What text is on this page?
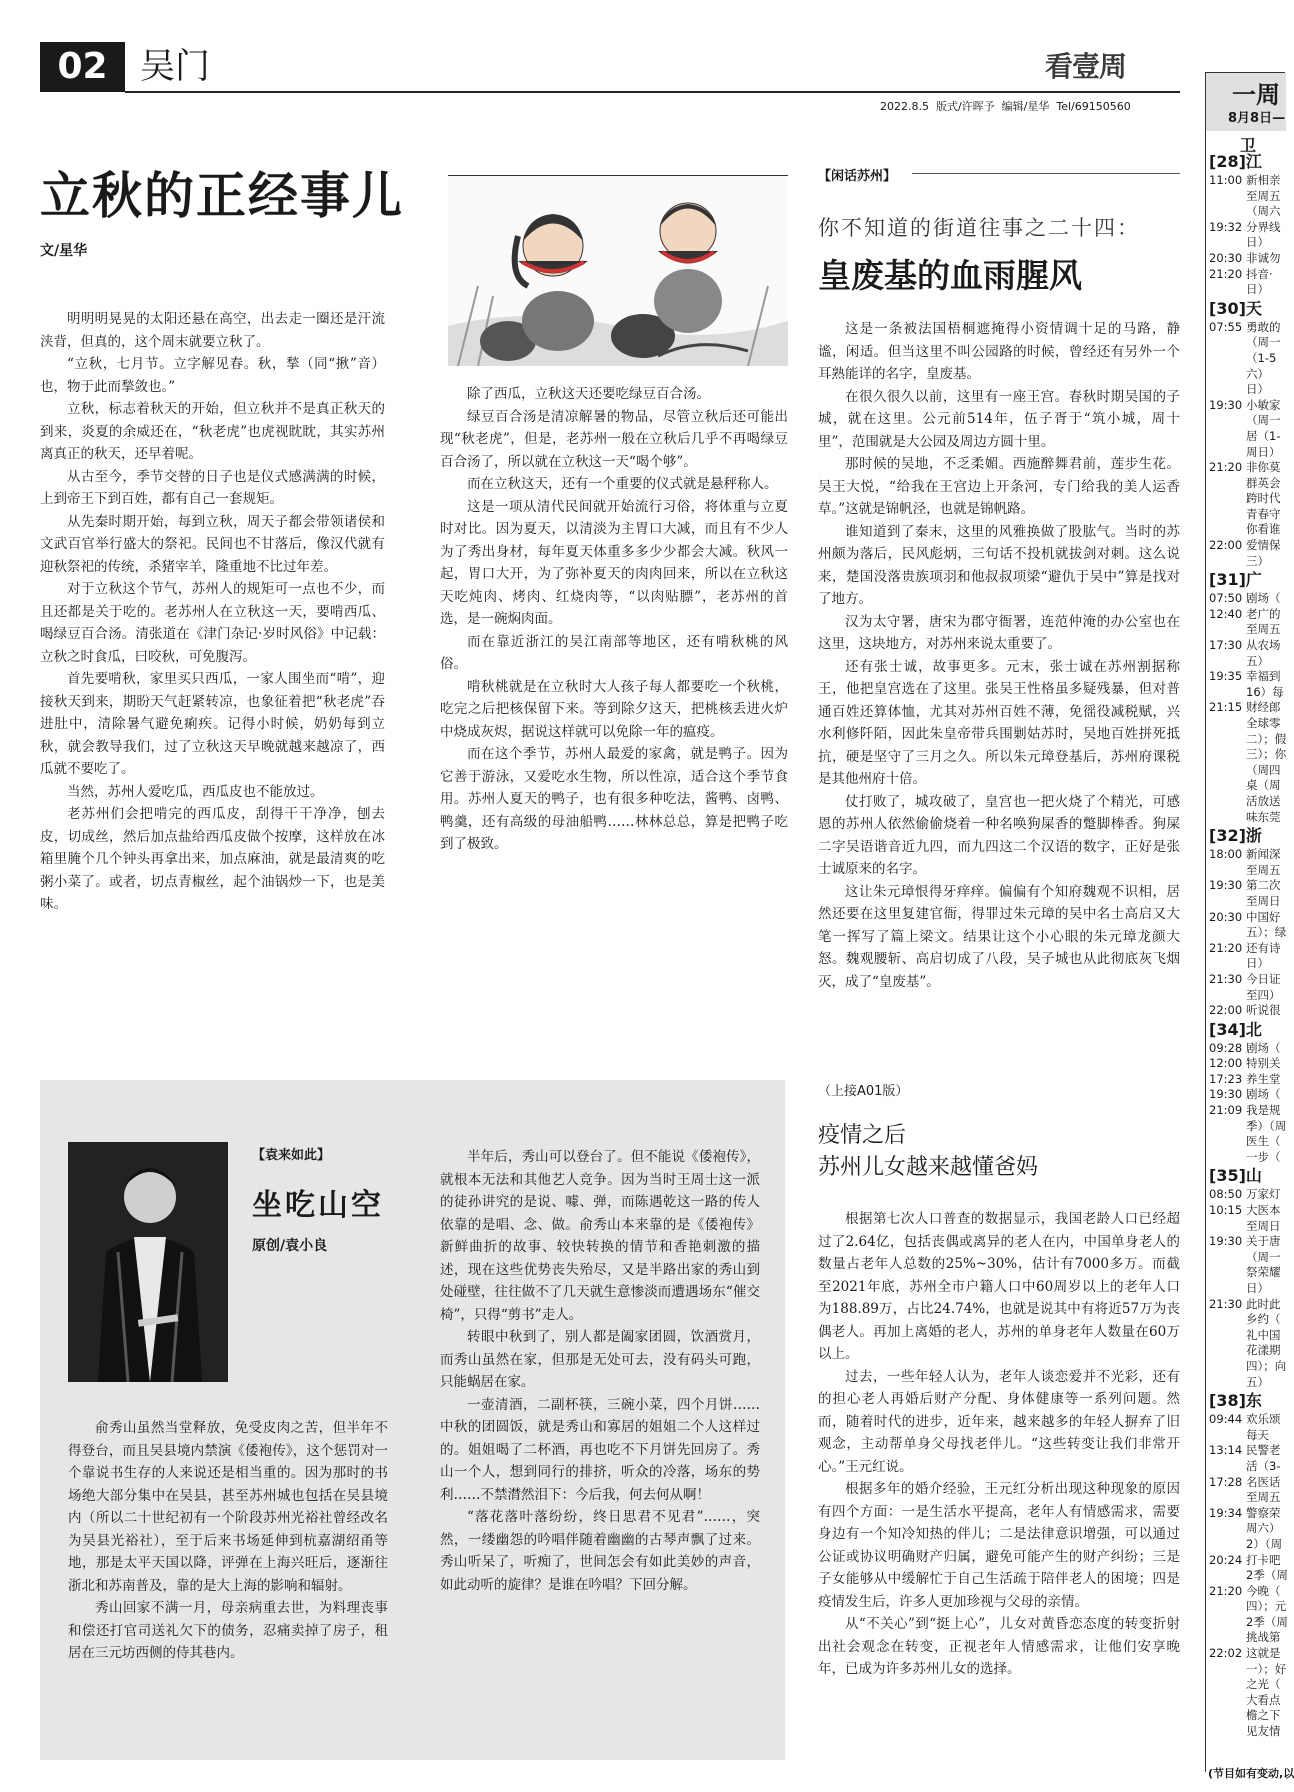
02 吴门	看壹周
2022.8.5  版式/许晖予  编辑/星华  Tel/69150560
立秋的正经事儿
文/星华

明明明晃晃的太阳还悬在高空，出去走一圈还是汗流浃背，但真的，这个周末就要立秋了。

“立秋，七月节。立字解见春。秋，揫（同“揪”音）也，物于此而揫敛也。”

立秋，标志着秋天的开始，但立秋并不是真正秋天的到来，炎夏的余威还在，“秋老虎”也虎视眈眈，其实苏州离真正的秋天，还早着呢。

从古至今，季节交替的日子也是仪式感满满的时候，上到帝王下到百姓，都有自己一套规矩。

从先秦时期开始，每到立秋，周天子都会带领诸侯和文武百官举行盛大的祭祀。民间也不甘落后，像汉代就有迎秋祭祀的传统，杀猪宰羊，隆重地不比过年差。

对于立秋这个节气，苏州人的规矩可一点也不少，而且还都是关于吃的。老苏州人在立秋这一天，要啃西瓜、喝绿豆百合汤。清张道在《津门杂记·岁时风俗》中记载：立秋之时食瓜，曰咬秋，可免腹泻。

首先要啃秋，家里买只西瓜，一家人围坐而“啃”，迎接秋天到来，期盼天气赶紧转凉，也象征着把“秋老虎”吞进肚中，清除暑气避免痢疾。记得小时候，奶奶每到立秋，就会教导我们，过了立秋这天早晚就越来越凉了，西瓜就不要吃了。

当然，苏州人爱吃瓜，西瓜皮也不能放过。

老苏州们会把啃完的西瓜皮，刮得干干净净，刨去皮，切成丝，然后加点盐给西瓜皮做个按摩，这样放在冰箱里腌个几个钟头再拿出来，加点麻油，就是最清爽的吃粥小菜了。或者，切点青椒丝，起个油锅炒一下，也是美味。

除了西瓜，立秋这天还要吃绿豆百合汤。

绿豆百合汤是清凉解暑的物品，尽管立秋后还可能出现“秋老虎”，但是，老苏州一般在立秋后几乎不再喝绿豆百合汤了，所以就在立秋这一天“喝个够”。

而在立秋这天，还有一个重要的仪式就是悬秤称人。

这是一项从清代民间就开始流行习俗，将体重与立夏时对比。因为夏天，以清淡为主胃口大减，而且有不少人为了秀出身材，每年夏天体重多多少少都会大减。秋风一起，胃口大开，为了弥补夏天的肉肉回来，所以在立秋这天吃炖肉、烤肉、红烧肉等，“以肉贴膘”，老苏州的首选，是一碗焖肉面。

而在靠近浙江的吴江南部等地区，还有啃秋桃的风俗。

啃秋桃就是在立秋时大人孩子每人都要吃一个秋桃，吃完之后把核保留下来。等到除夕这天，把桃核丢进火炉中烧成灰烬，据说这样就可以免除一年的瘟疫。

而在这个季节，苏州人最爱的家禽，就是鸭子。因为它善于游泳，又爱吃水生物，所以性凉，适合这个季节食用。苏州人夏天的鸭子，也有很多种吃法，酱鸭、卤鸭、鸭羹，还有高级的母油船鸭……林林总总，算是把鸭子吃到了极致。

【闲话苏州】
你不知道的街道往事之二十四：
皇废基的血雨腥风

这是一条被法国梧桐遮掩得小资情调十足的马路，静谧，闲适。但当这里不叫公园路的时候，曾经还有另外一个耳熟能详的名字，皇废基。

在很久很久以前，这里有一座王宫。春秋时期吴国的子城，就在这里。公元前514年，伍子胥于“筑小城，周十里”，范围就是大公园及周边方圆十里。

那时候的吴地，不乏柔媚。西施醉舞君前，莲步生花。吴王大悦，“给我在王宫边上开条河，专门给我的美人运香草。”这就是锦帆泾，也就是锦帆路。

谁知道到了秦末，这里的风雅换做了股肱气。当时的苏州颇为落后，民风彪炳，三句话不投机就拔剑对刺。这么说来，楚国没落贵族项羽和他叔叔项梁“避仇于吴中”算是找对了地方。

汉为太守署，唐宋为郡守衙署，连范仲淹的办公室也在这里，这块地方，对苏州来说太重要了。

还有张士诚，故事更多。元末，张士诚在苏州割据称王，他把皇宫选在了这里。张吴王性格虽多疑残暴，但对普通百姓还算体恤，尤其对苏州百姓不薄，免徭役减税赋，兴水利修阡陌，因此朱皇帝带兵围剿姑苏时，吴地百姓拼死抵抗，硬是坚守了三月之久。所以朱元璋登基后，苏州府课税是其他州府十倍。

仗打败了，城攻破了，皇宫也一把火烧了个精光，可感恩的苏州人依然偷偷烧着一种名唤狗屎香的蹩脚棒香。狗屎二字吴语谐音近九四，而九四这二个汉语的数字，正好是张士诚原来的名字。

这让朱元璋恨得牙痒痒。偏偏有个知府魏观不识相，居然还要在这里复建官衙，得罪过朱元璋的吴中名士高启又大笔一挥写了篇上梁文。结果让这个小心眼的朱元璋龙颜大怒。魏观腰斩、高启切成了八段，吴子城也从此彻底灰飞烟灭，成了“皇废基”。

（上接A01版）
疫情之后
苏州儿女越来越懂爸妈

根据第七次人口普查的数据显示，我国老龄人口已经超过了2.64亿，包括丧偶或离异的老人在内，中国单身老人的数量占老年人总数的25%~30%，估计有7000多万。而截至2021年底，苏州全市户籍人口中60周岁以上的老年人口为188.89万，占比24.74%，也就是说其中有将近57万为丧偶老人。再加上离婚的老人，苏州的单身老年人数量在60万以上。

过去，一些年轻人认为，老年人谈恋爱并不光彩，还有的担心老人再婚后财产分配、身体健康等一系列问题。然而，随着时代的进步，近年来，越来越多的年轻人摒弃了旧观念，主动帮单身父母找老伴儿。“这些转变让我们非常开心。”王元红说。

根据多年的婚介经验，王元红分析出现这种现象的原因有四个方面：一是生活水平提高，老年人有情感需求，需要身边有一个知冷知热的伴儿；二是法律意识增强，可以通过公证或协议明确财产归属，避免可能产生的财产纠纷；三是子女能够从中缓解忙于自己生活疏于陪伴老人的困境；四是疫情发生后，许多人更加珍视与父母的亲情。

从“不关心”到“挺上心”，儿女对黄昏恋态度的转变折射出社会观念在转变，正视老年人情感需求，让他们安享晚年，已成为许多苏州儿女的选择。

【袁来如此】
坐吃山空
原创/袁小良

俞秀山虽然当堂释放，免受皮肉之苦，但半年不得登台，而且吴县境内禁演《倭袍传》，这个惩罚对一个靠说书生存的人来说还是相当重的。因为那时的书场绝大部分集中在吴县，甚至苏州城也包括在吴县境内（所以二十世纪初有一个阶段苏州光裕社曾经改名为吴县光裕社），至于后来书场延伸到杭嘉湖绍甬等地，那是太平天国以降，评弹在上海兴旺后，逐渐往浙北和苏南普及，靠的是大上海的影响和辐射。

秀山回家不满一月，母亲病重去世，为料理丧事和偿还打官司送礼欠下的债务，忍痛卖掉了房子，租居在三元坊西侧的侍其巷内。

半年后，秀山可以登台了。但不能说《倭袍传》，就根本无法和其他艺人竞争。因为当时王周士这一派的徒孙讲究的是说、噱、弹，而陈遇乾这一路的传人依靠的是唱、念、做。俞秀山本来靠的是《倭袍传》新鲜曲折的故事、较快转换的情节和香艳刺激的描述，现在这些优势丧失殆尽，又是半路出家的秀山到处碰壁，往往做不了几天就生意惨淡而遭遇场东“催交椅”，只得“剪书”走人。

转眼中秋到了，别人都是阖家团圆，饮酒赏月，而秀山虽然在家，但那是无处可去，没有码头可跑，只能蜗居在家。

一壶清酒，二副杯筷，三碗小菜，四个月饼……中秋的团圆饭，就是秀山和寡居的姐姐二个人这样过的。姐姐喝了二杯酒，再也吃不下月饼先回房了。秀山一个人，想到同行的排挤，听众的冷落，场东的势利……不禁潸然泪下：今后我，何去何从啊！

“落花落叶落纷纷，终日思君不见君”……，突然，一缕幽怨的吟唱伴随着幽幽的古琴声飘了过来。秀山听呆了，听痴了，世间怎会有如此美妙的声音，如此动听的旋律？是谁在吟唱？下回分解。

一周
8月8日—
卫
[28]江
11:00 新相亲
至周五
（周六
19:32 分界线
日）
20:30 非诚勿
21:20 抖音·
日）
[30]天
07:55 勇敢的
（周一
（1-5
六）
日）
19:30 小敏家
（周一
居（1-
周日）
21:20 非你莫
群英会
跨时代
青春守
你看谁
22:00 爱情保
三）
[31]广
07:50 剧场（
12:40 老广的
至周五
17:30 从农场
五）
19:35 幸福到
16）每
21:15 财经郎
全球零
二）；假
三）；你
（周四
桌（周
活放送
味东莞
[32]浙
18:00 新闻深
至周五
19:30 第二次
至周日
20:30 中国好
五）；绿
21:20 还有诗
日）
21:30 今日证
至四）
22:00 听说很
[34]北
09:28 剧场（
12:00 特别关
17:23 养生堂
19:30 剧场（
21:09 我是规
季）（周
医生（
一步（
[35]山
08:50 万家灯
10:15 大医本
至周日
19:30 关于唐
（周一
祭荣耀
日）
21:30 此时此
乡约（
礼中国
花漾期
四）；向
五）
[38]东
09:44 欢乐颂
每天
13:14 民警老
活（3-
17:28 名医话
至周五
19:34 警察荣
周六）
2）（周
20:24 打卡吧
2季（周
21:20 今晚（
四）；元
2季（周
挑战第
22:02 这就是
一）；好
之光（
大看点
檐之下
见友情
(节目如有变动,以
